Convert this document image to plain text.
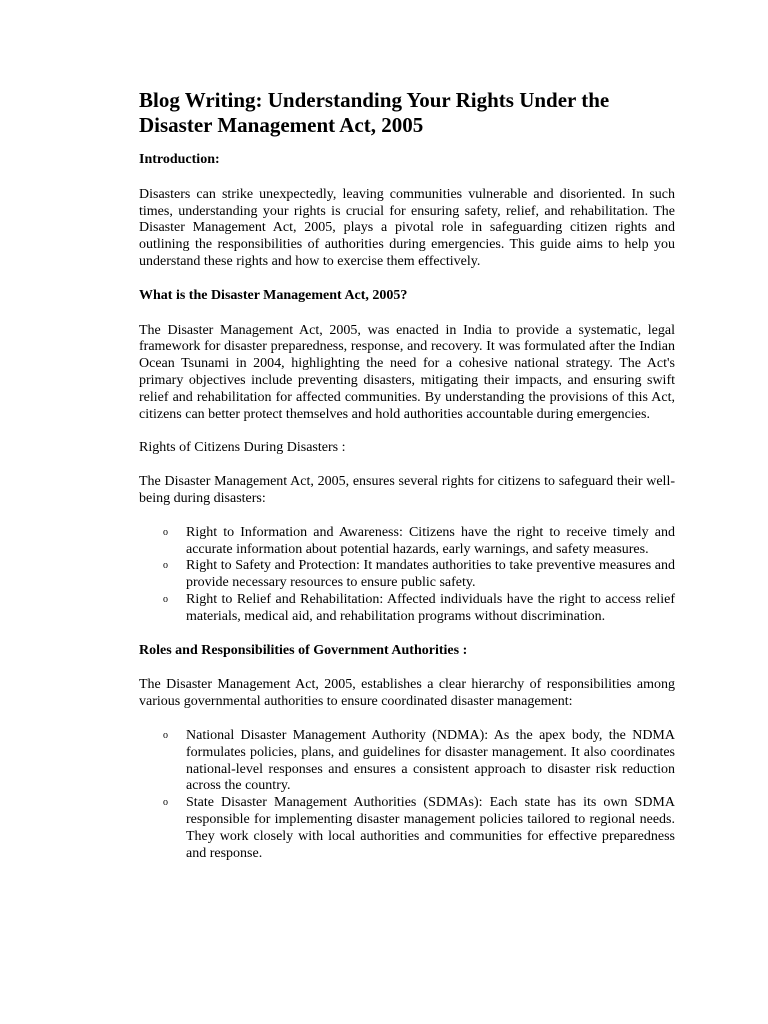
Blog Writing: Understanding Your Rights Under the Disaster Management Act, 2005
Introduction:

Disasters can strike unexpectedly, leaving communities vulnerable and disoriented. In such times, understanding your rights is crucial for ensuring safety, relief, and rehabilitation. The Disaster Management Act, 2005, plays a pivotal role in safeguarding citizen rights and outlining the responsibilities of authorities during emergencies. This guide aims to help you understand these rights and how to exercise them effectively.

What is the Disaster Management Act, 2005?

The Disaster Management Act, 2005, was enacted in India to provide a systematic, legal framework for disaster preparedness, response, and recovery. It was formulated after the Indian Ocean Tsunami in 2004, highlighting the need for a cohesive national strategy. The Act's primary objectives include preventing disasters, mitigating their impacts, and ensuring swift relief and rehabilitation for affected communities. By understanding the provisions of this Act, citizens can better protect themselves and hold authorities accountable during emergencies.

Rights of Citizens During Disasters :

The Disaster Management Act, 2005, ensures several rights for citizens to safeguard their well-being during disasters:

o Right to Information and Awareness: Citizens have the right to receive timely and accurate information about potential hazards, early warnings, and safety measures.
o Right to Safety and Protection: It mandates authorities to take preventive measures and provide necessary resources to ensure public safety.
o Right to Relief and Rehabilitation: Affected individuals have the right to access relief materials, medical aid, and rehabilitation programs without discrimination.
Roles and Responsibilities of Government Authorities :

The Disaster Management Act, 2005, establishes a clear hierarchy of responsibilities among various governmental authorities to ensure coordinated disaster management:

o National Disaster Management Authority (NDMA): As the apex body, the NDMA formulates policies, plans, and guidelines for disaster management. It also coordinates national-level responses and ensures a consistent approach to disaster risk reduction across the country.
o State Disaster Management Authorities (SDMAs): Each state has its own SDMA responsible for implementing disaster management policies tailored to regional needs. They work closely with local authorities and communities for effective preparedness and response.
